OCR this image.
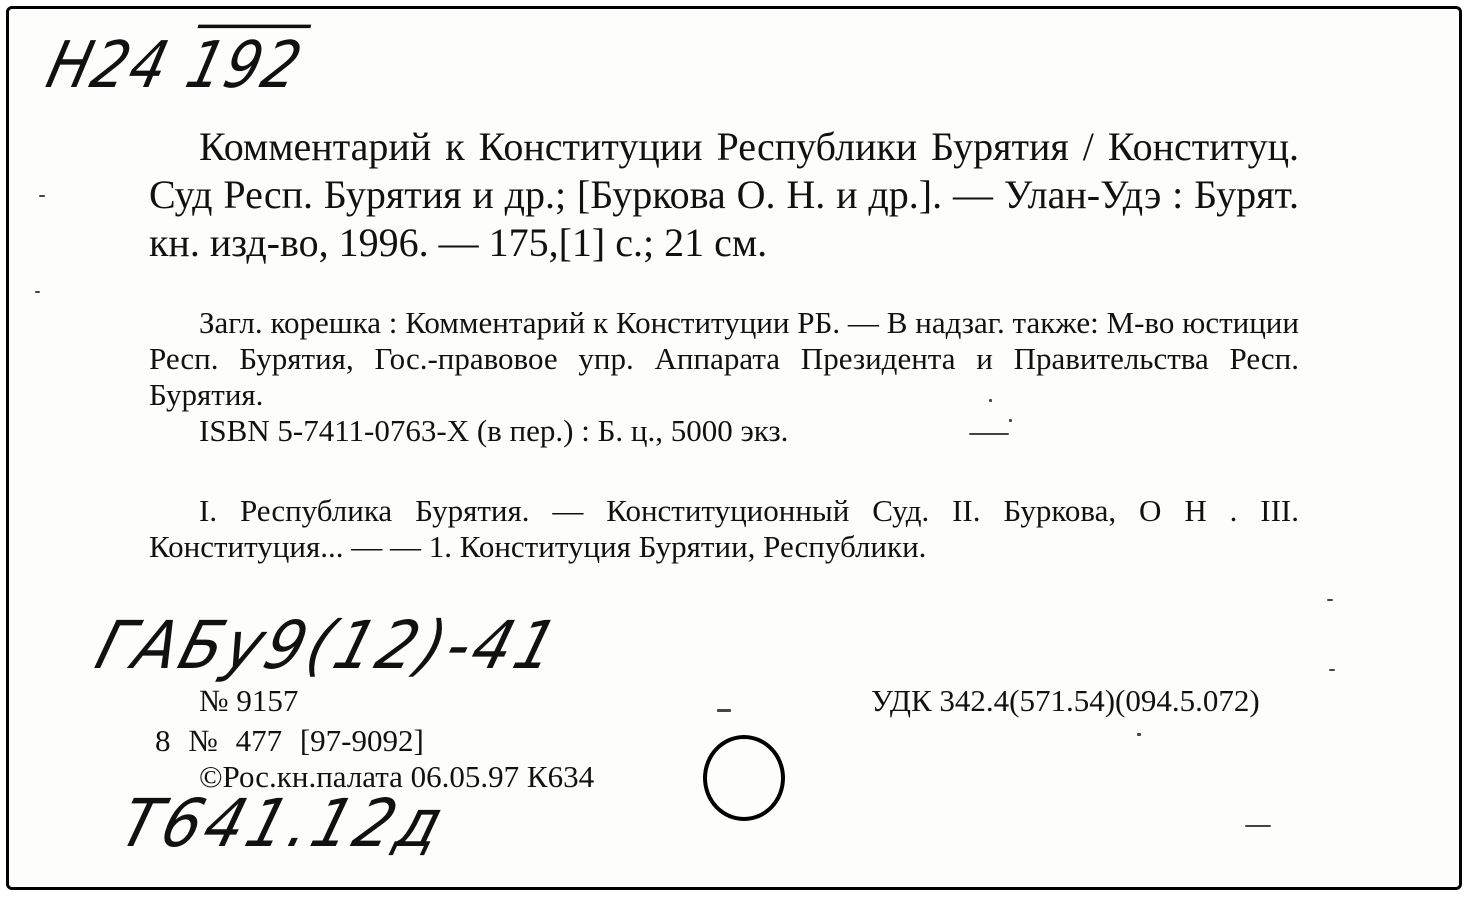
Н24 192
Комментарий к Конституции Республики Бурятия / Конституц. Суд Респ. Бурятия и др.; [Буркова О. Н. и др.]. — Улан-Удэ : Бурят. кн. изд-во, 1996. — 175,[1] с.; 21 см.

Загл. корешка : Комментарий к Конституции РБ. — В надзаг. также: М-во юстиции Респ. Бурятия, Гос.-правовое упр. Аппарата Президента и Правительства Респ. Бурятия.

ISBN 5-7411-0763-X (в пер.) : Б. ц., 5000 экз.

I. Республика Бурятия. — Конституционный Суд. II. Буркова, О Н . III. Конституция... — — 1. Конституция Бурятии, Республики.
ГАБу9(12)-41
№ 9157	УДК 342.4(571.54)(094.5.072)
8 № 477 [97-9092]
©Рос.кн.палата 06.05.97 К634
Т641.12д
